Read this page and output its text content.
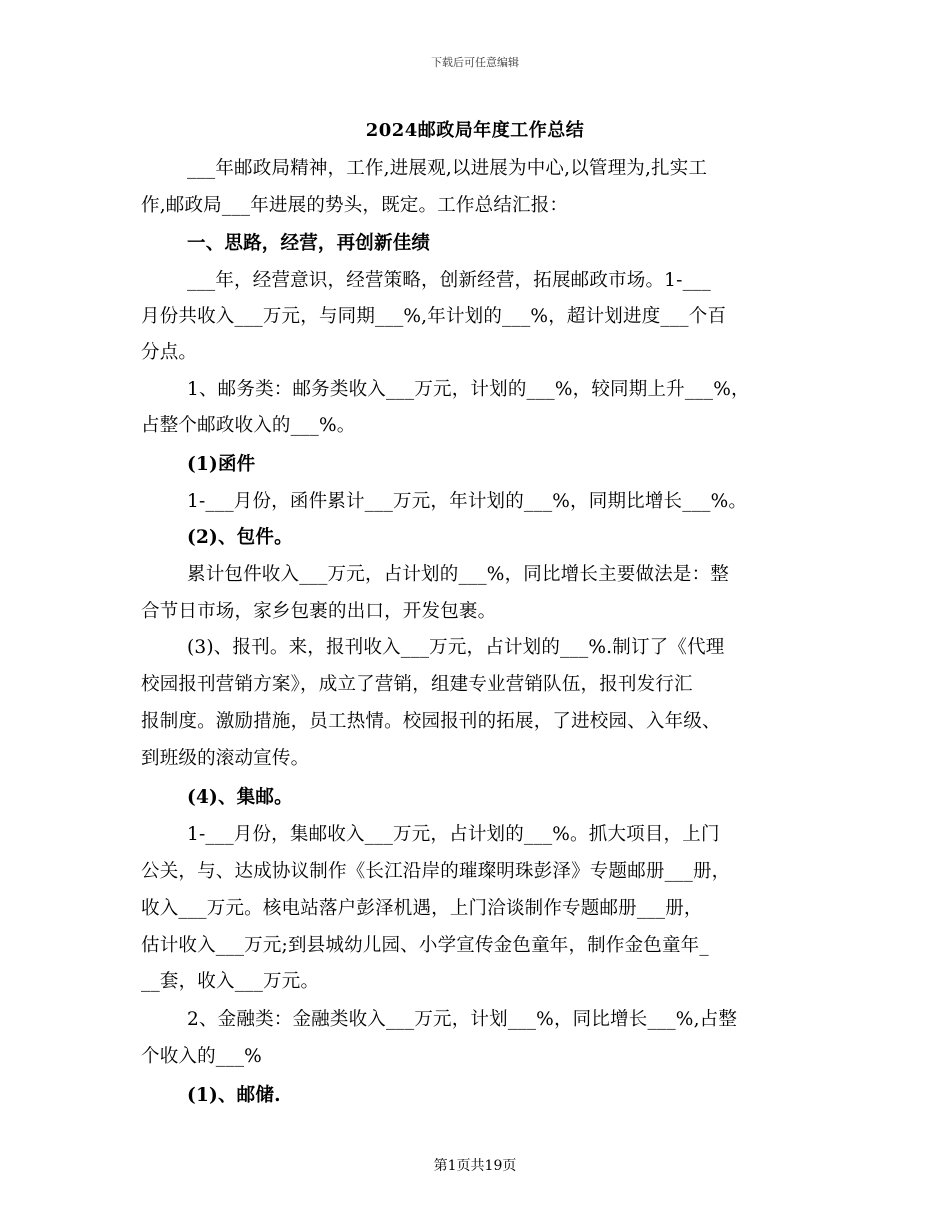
下载后可任意编辑
2024邮政局年度工作总结
___年邮政局精神，工作,进展观,以进展为中心,以管理为,扎实工
作,邮政局___年进展的势头，既定。工作总结汇报：
一、思路，经营，再创新佳绩
___年，经营意识，经营策略，创新经营，拓展邮政市场。1-___
月份共收入___万元，与同期___%,年计划的___%，超计划进度___个百
分点。
1、邮务类：邮务类收入___万元，计划的___%，较同期上升___%，
占整个邮政收入的___%。
(1)函件
1-___月份，函件累计___万元，年计划的___%，同期比增长___%。
(2)、包件。
累计包件收入___万元，占计划的___%，同比增长主要做法是：整
合节日市场，家乡包裹的出口，开发包裹。
(3)、报刊。来，报刊收入___万元，占计划的___%.制订了《代理
校园报刊营销方案》，成立了营销，组建专业营销队伍，报刊发行汇
报制度。激励措施，员工热情。校园报刊的拓展，了进校园、入年级、
到班级的滚动宣传。
(4)、集邮。
1-___月份，集邮收入___万元，占计划的___%。抓大项目，上门
公关，与、达成协议制作《长江沿岸的璀璨明珠彭泽》专题邮册___册，
收入___万元。核电站落户彭泽机遇，上门洽谈制作专题邮册___册，
估计收入___万元;到县城幼儿园、小学宣传金色童年，制作金色童年_
__套，收入___万元。
2、金融类：金融类收入___万元，计划___%，同比增长___%,占整
个收入的___%
(1)、邮储.
第1页共19页
